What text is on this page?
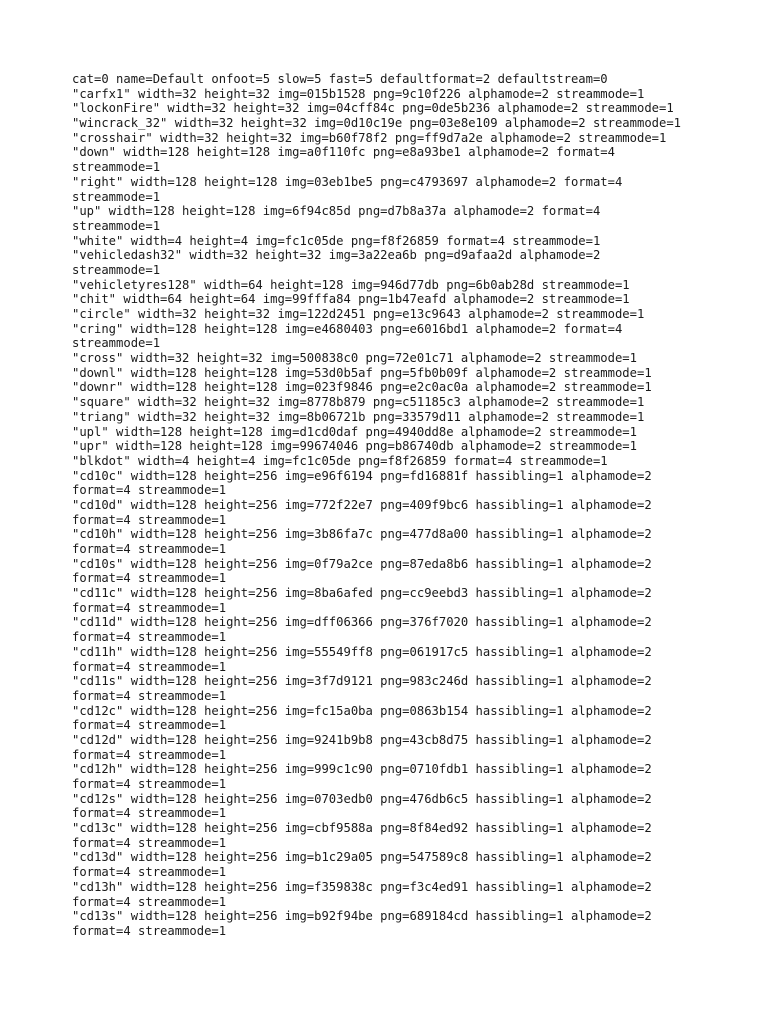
cat=0 name=Default onfoot=5 slow=5 fast=5 defaultformat=2 defaultstream=0
"carfx1" width=32 height=32 img=015b1528 png=9c10f226 alphamode=2 streammode=1
"lockonFire" width=32 height=32 img=04cff84c png=0de5b236 alphamode=2 streammode=1
"wincrack_32" width=32 height=32 img=0d10c19e png=03e8e109 alphamode=2 streammode=1
"crosshair" width=32 height=32 img=b60f78f2 png=ff9d7a2e alphamode=2 streammode=1
"down" width=128 height=128 img=a0f110fc png=e8a93be1 alphamode=2 format=4
streammode=1
"right" width=128 height=128 img=03eb1be5 png=c4793697 alphamode=2 format=4
streammode=1
"up" width=128 height=128 img=6f94c85d png=d7b8a37a alphamode=2 format=4
streammode=1
"white" width=4 height=4 img=fc1c05de png=f8f26859 format=4 streammode=1
"vehicledash32" width=32 height=32 img=3a22ea6b png=d9afaa2d alphamode=2
streammode=1
"vehicletyres128" width=64 height=128 img=946d77db png=6b0ab28d streammode=1
"chit" width=64 height=64 img=99fffa84 png=1b47eafd alphamode=2 streammode=1
"circle" width=32 height=32 img=122d2451 png=e13c9643 alphamode=2 streammode=1
"cring" width=128 height=128 img=e4680403 png=e6016bd1 alphamode=2 format=4
streammode=1
"cross" width=32 height=32 img=500838c0 png=72e01c71 alphamode=2 streammode=1
"downl" width=128 height=128 img=53d0b5af png=5fb0b09f alphamode=2 streammode=1
"downr" width=128 height=128 img=023f9846 png=e2c0ac0a alphamode=2 streammode=1
"square" width=32 height=32 img=8778b879 png=c51185c3 alphamode=2 streammode=1
"triang" width=32 height=32 img=8b06721b png=33579d11 alphamode=2 streammode=1
"upl" width=128 height=128 img=d1cd0daf png=4940dd8e alphamode=2 streammode=1
"upr" width=128 height=128 img=99674046 png=b86740db alphamode=2 streammode=1
"blkdot" width=4 height=4 img=fc1c05de png=f8f26859 format=4 streammode=1
"cd10c" width=128 height=256 img=e96f6194 png=fd16881f hassibling=1 alphamode=2
format=4 streammode=1
"cd10d" width=128 height=256 img=772f22e7 png=409f9bc6 hassibling=1 alphamode=2
format=4 streammode=1
"cd10h" width=128 height=256 img=3b86fa7c png=477d8a00 hassibling=1 alphamode=2
format=4 streammode=1
"cd10s" width=128 height=256 img=0f79a2ce png=87eda8b6 hassibling=1 alphamode=2
format=4 streammode=1
"cd11c" width=128 height=256 img=8ba6afed png=cc9eebd3 hassibling=1 alphamode=2
format=4 streammode=1
"cd11d" width=128 height=256 img=dff06366 png=376f7020 hassibling=1 alphamode=2
format=4 streammode=1
"cd11h" width=128 height=256 img=55549ff8 png=061917c5 hassibling=1 alphamode=2
format=4 streammode=1
"cd11s" width=128 height=256 img=3f7d9121 png=983c246d hassibling=1 alphamode=2
format=4 streammode=1
"cd12c" width=128 height=256 img=fc15a0ba png=0863b154 hassibling=1 alphamode=2
format=4 streammode=1
"cd12d" width=128 height=256 img=9241b9b8 png=43cb8d75 hassibling=1 alphamode=2
format=4 streammode=1
"cd12h" width=128 height=256 img=999c1c90 png=0710fdb1 hassibling=1 alphamode=2
format=4 streammode=1
"cd12s" width=128 height=256 img=0703edb0 png=476db6c5 hassibling=1 alphamode=2
format=4 streammode=1
"cd13c" width=128 height=256 img=cbf9588a png=8f84ed92 hassibling=1 alphamode=2
format=4 streammode=1
"cd13d" width=128 height=256 img=b1c29a05 png=547589c8 hassibling=1 alphamode=2
format=4 streammode=1
"cd13h" width=128 height=256 img=f359838c png=f3c4ed91 hassibling=1 alphamode=2
format=4 streammode=1
"cd13s" width=128 height=256 img=b92f94be png=689184cd hassibling=1 alphamode=2
format=4 streammode=1
